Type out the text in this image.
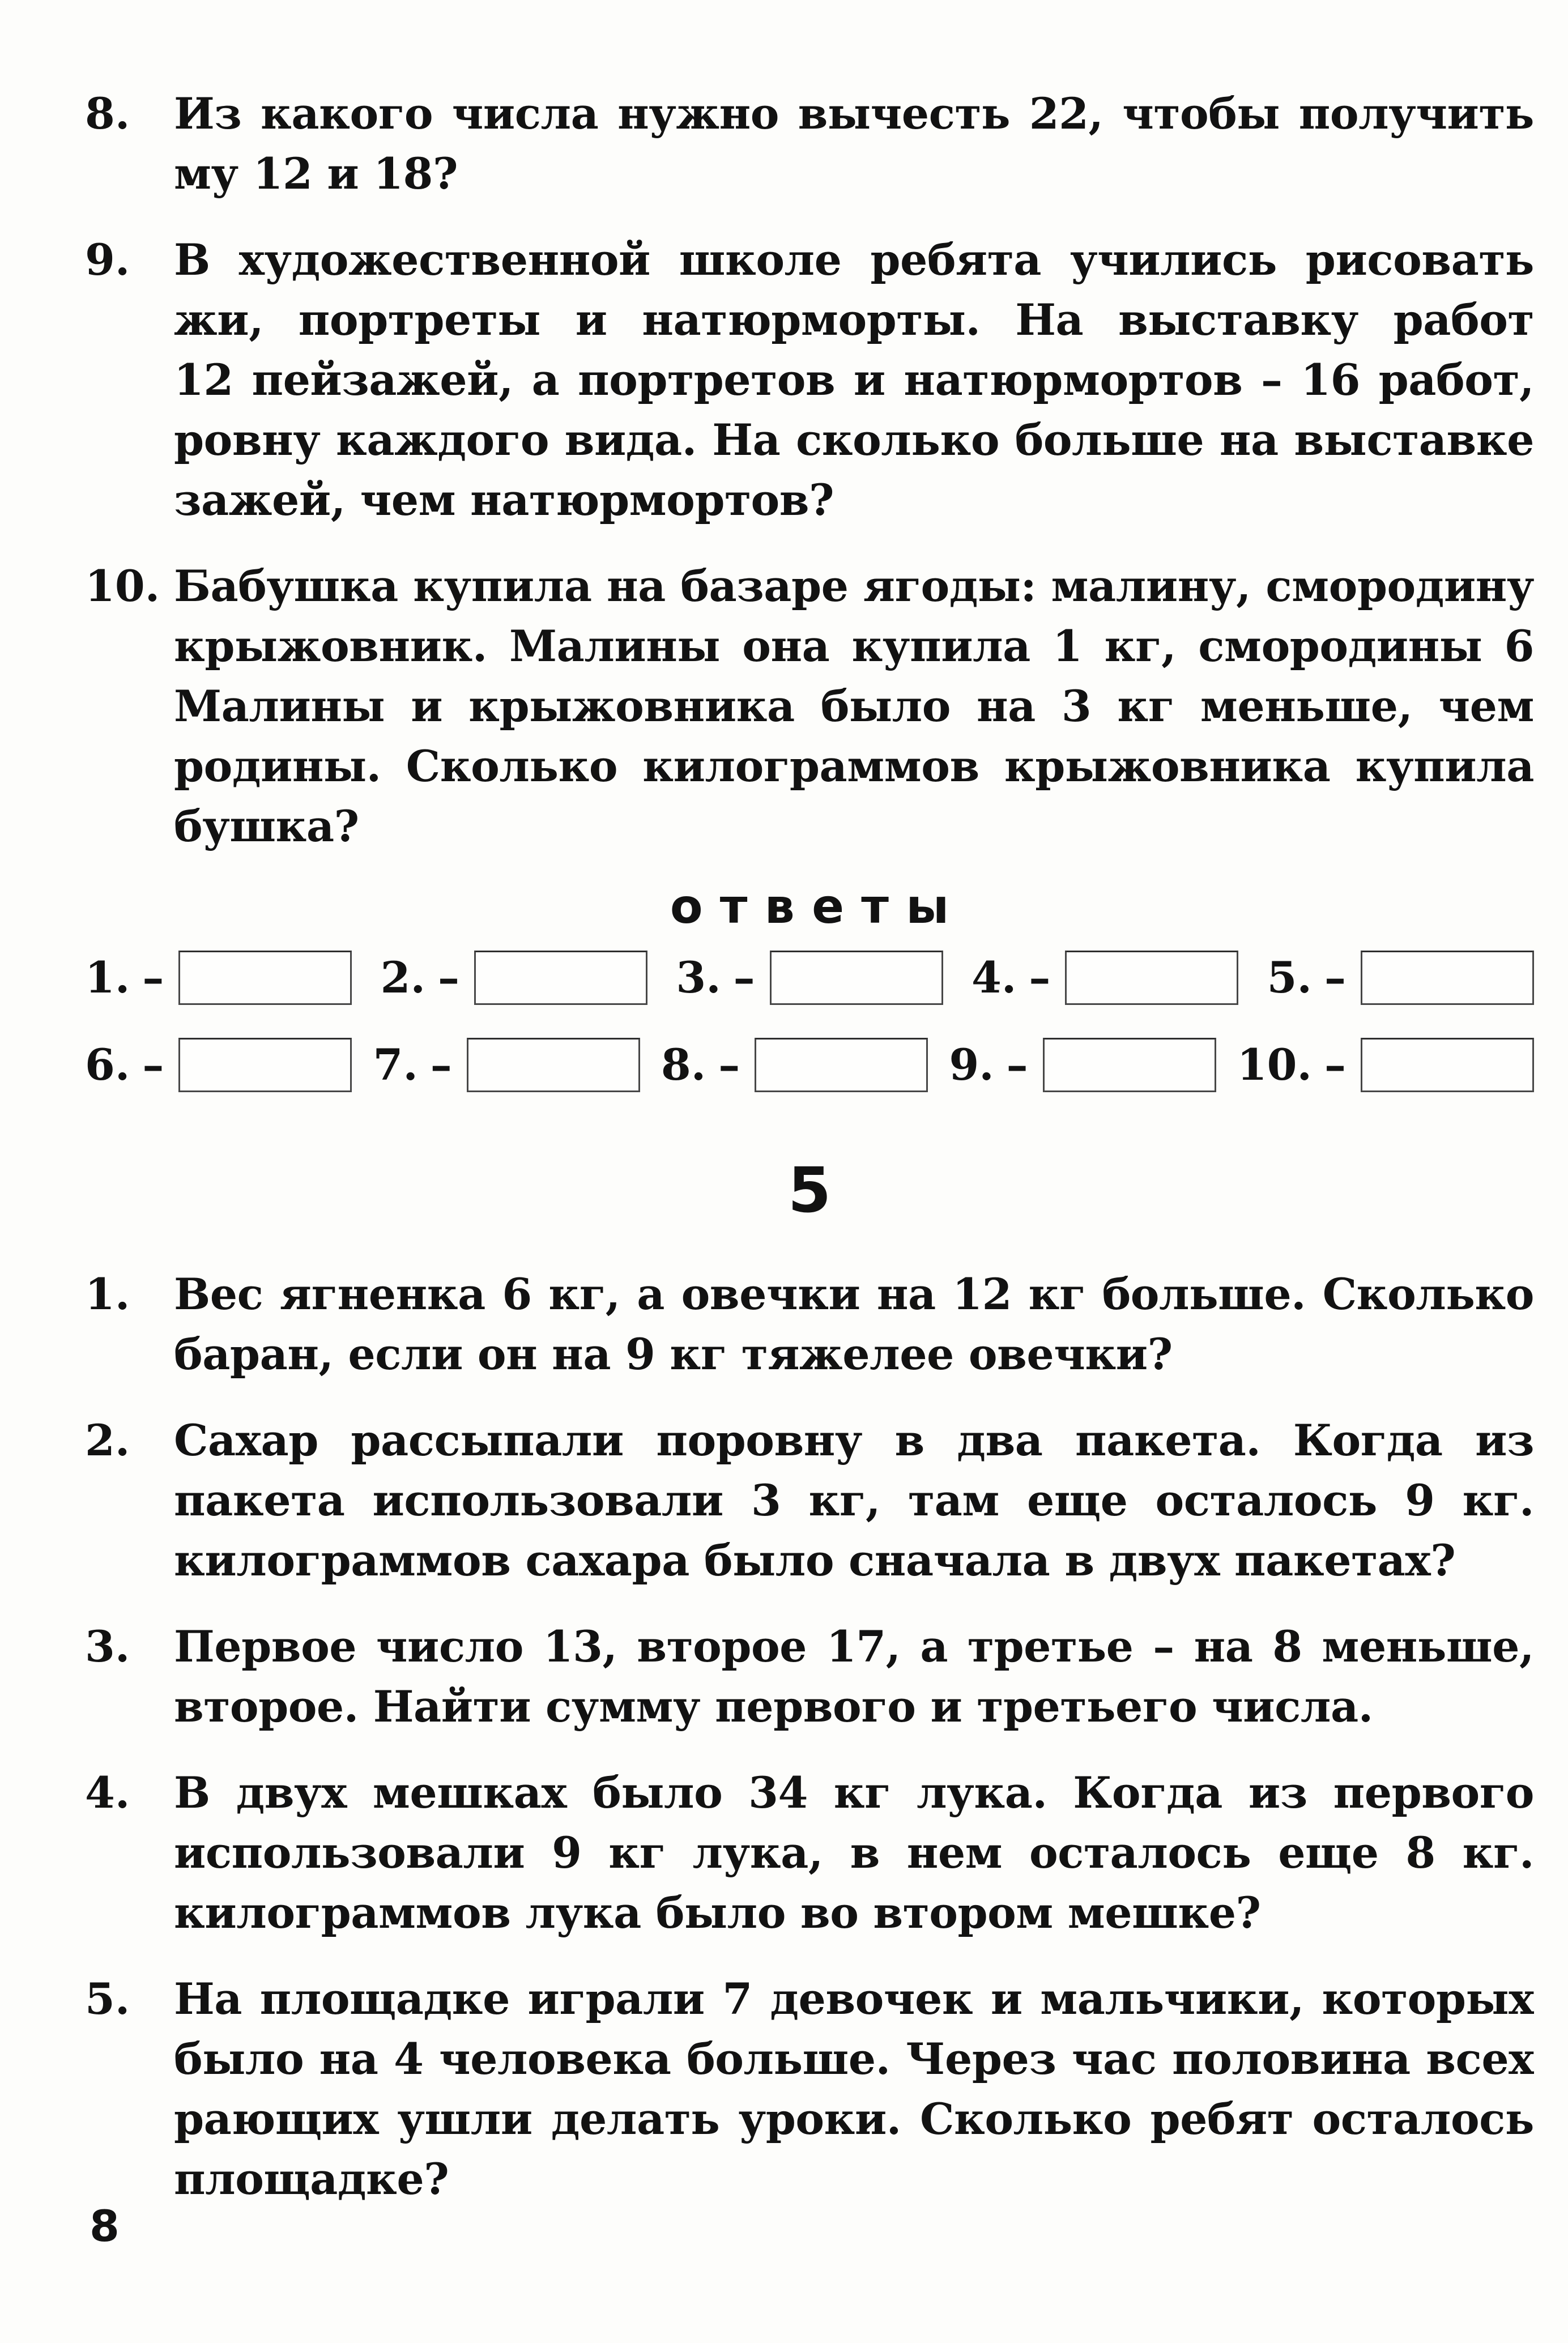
8.	Из какого числа нужно вычесть 22, чтобы получить
му 12 и 18?
9.	В художественной школе ребята учились рисовать
жи, портреты и натюрморты. На выставку работ
12 пейзажей, а портретов и натюрмортов – 16 работ,
ровну каждого вида. На сколько больше на выставке
зажей, чем натюрмортов?
10. Бабушка купила на базаре ягоды: малину, смородину
крыжовник. Малины она купила 1 кг, смородины 6
Малины и крыжовника было на 3 кг меньше, чем
родины. Сколько килограммов крыжовника купила
бушка?
ответы
1. –	2. –	3. –	4. –	5. –
6. –	7. –	8. –	9. –	10. –
5
1.	Вес ягненка 6 кг, а овечки на 12 кг больше. Сколько
баран, если он на 9 кг тяжелее овечки?
2.	Сахар рассыпали поровну в два пакета. Когда из
пакета использовали 3 кг, там еще осталось 9 кг.
килограммов сахара было сначала в двух пакетах?
3.	Первое число 13, второе 17, а третье – на 8 меньше,
второе. Найти сумму первого и третьего числа.
4.	В двух мешках было 34 кг лука. Когда из первого
использовали 9 кг лука, в нем осталось еще 8 кг.
килограммов лука было во втором мешке?
5.	На площадке играли 7 девочек и мальчики, которых
было на 4 человека больше. Через час половина всех
рающих ушли делать уроки. Сколько ребят осталось
площадке?
8
